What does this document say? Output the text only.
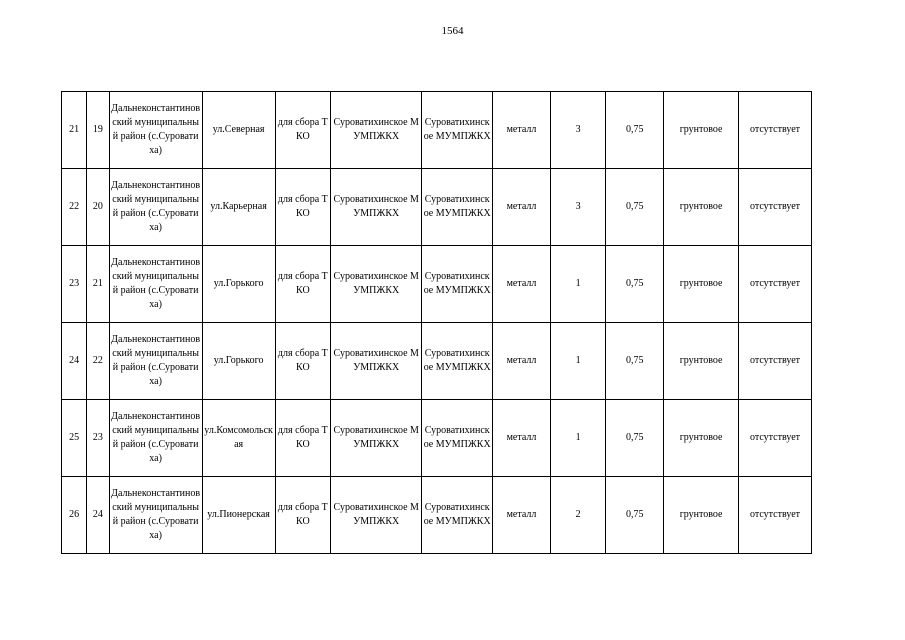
1564
21	19	Дальнеконстантиновский муниципальный район (с.Суроватиха)	ул.Северная	для сбора ТКО	Суроватихинское МУМПЖКХ	Суроватихинское МУМПЖКХ	металл	3	0,75	грунтовое	отсутствует
22	20	Дальнеконстантиновский муниципальный район (с.Суроватиха)	ул.Карьерная	для сбора ТКО	Суроватихинское МУМПЖКХ	Суроватихинское МУМПЖКХ	металл	3	0,75	грунтовое	отсутствует
23	21	Дальнеконстантиновский муниципальный район (с.Суроватиха)	ул.Горького	для сбора ТКО	Суроватихинское МУМПЖКХ	Суроватихинское МУМПЖКХ	металл	1	0,75	грунтовое	отсутствует
24	22	Дальнеконстантиновский муниципальный район (с.Суроватиха)	ул.Горького	для сбора ТКО	Суроватихинское МУМПЖКХ	Суроватихинское МУМПЖКХ	металл	1	0,75	грунтовое	отсутствует
25	23	Дальнеконстантиновский муниципальный район (с.Суроватиха)	ул.Комсомольская	для сбора ТКО	Суроватихинское МУМПЖКХ	Суроватихинское МУМПЖКХ	металл	1	0,75	грунтовое	отсутствует
26	24	Дальнеконстантиновский муниципальный район (с.Суроватиха)	ул.Пионерская	для сбора ТКО	Суроватихинское МУМПЖКХ	Суроватихинское МУМПЖКХ	металл	2	0,75	грунтовое	отсутствует
